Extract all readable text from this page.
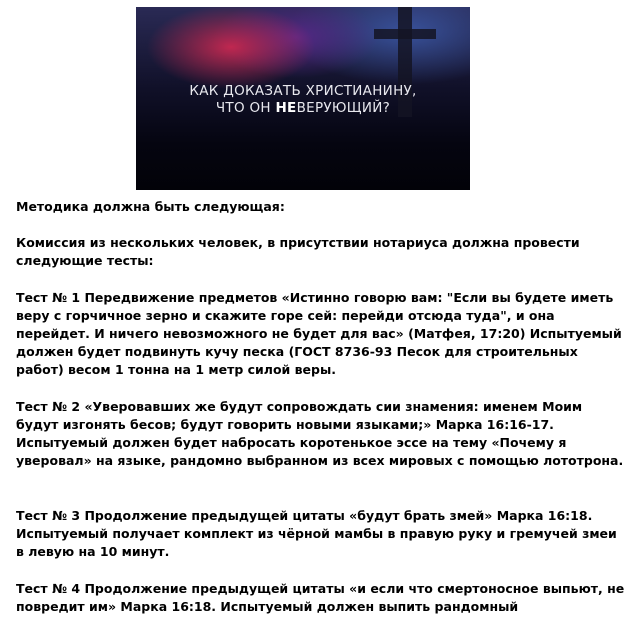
КАК ДОКАЗАТЬ ХРИСТИАНИНУ,
ЧТО ОН НЕВЕРУЮЩИЙ?

Методика должна быть следующая:

Комиссия из нескольких человек, в присутствии нотариуса должна провести следующие тесты:

Тест № 1 Передвижение предметов «Истинно говорю вам: "Если вы будете иметь веру с горчичное зерно и скажите горе сей: перейди отсюда туда", и она перейдет. И ничего невозможного не будет для вас» (Матфея, 17:20) Испытуемый должен будет подвинуть кучу песка (ГОСТ 8736-93 Песок для строительных работ) весом 1 тонна на 1 метр силой веры.

Тест № 2 «Уверовавших же будут сопровождать сии знамения: именем Моим будут изгонять бесов; будут говорить новыми языками;» Марка 16:16-17. Испытуемый должен будет набросать коротенькое эссе на тему «Почему я уверовал» на языке, рандомно выбранном из всех мировых с помощью лототрона.

Тест № 3 Продолжение предыдущей цитаты «будут брать змей» Марка 16:18. Испытуемый получает комплект из чёрной мамбы в правую руку и гремучей змеи в левую на 10 минут.

Тест № 4 Продолжение предыдущей цитаты «и если что смертоносное выпьют, не повредит им» Марка 16:18. Испытуемый должен выпить рандомный
